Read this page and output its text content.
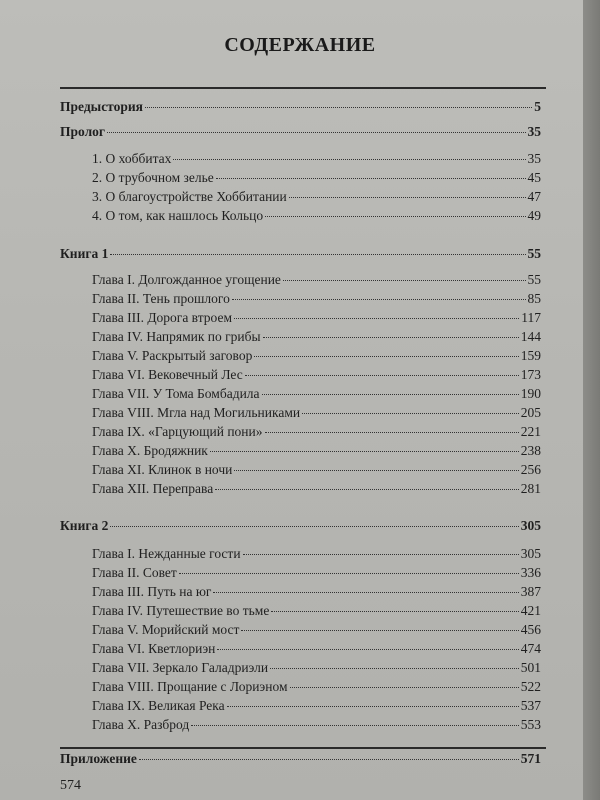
СОДЕРЖАНИЕ
Предыстория	5
Пролог	35
1. О хоббитах	35
2. О трубочном зелье	45
3. О благоустройстве Хоббитании	47
4. О том, как нашлось Кольцо	49
Книга 1	55
Глава I. Долгожданное угощение	55
Глава II. Тень прошлого	85
Глава III. Дорога втроем	117
Глава IV. Напрямик по грибы	144
Глава V. Раскрытый заговор	159
Глава VI. Вековечный Лес	173
Глава VII. У Тома Бомбадила	190
Глава VIII. Мгла над Могильниками	205
Глава IX. «Гарцующий пони»	221
Глава X. Бродяжник	238
Глава XI. Клинок в ночи	256
Глава XII. Переправа	281
Книга 2	305
Глава I. Нежданные гости	305
Глава II. Совет	336
Глава III. Путь на юг	387
Глава IV. Путешествие во тьме	421
Глава V. Морийский мост	456
Глава VI. Кветлориэн	474
Глава VII. Зеркало Галадриэли	501
Глава VIII. Прощание с Лориэном	522
Глава IX. Великая Река	537
Глава X. Разброд	553
Приложение	571
574
